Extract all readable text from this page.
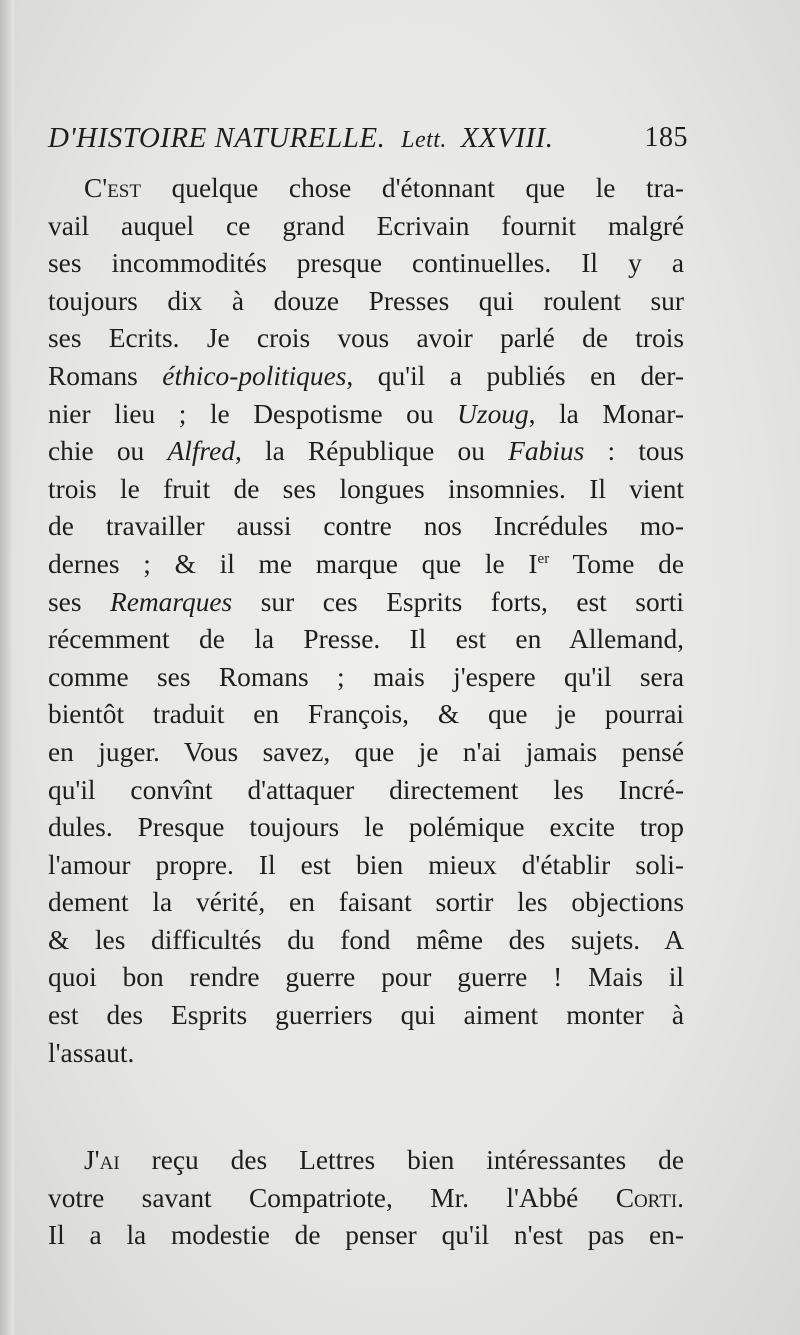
D'HISTOIRE NATURELLE. Lett. XXVIII.	185
C'est quelque chose d'étonnant que le tra-
vail auquel ce grand Ecrivain fournit malgré
ses incommodités presque continuelles. Il y a
toujours dix à douze Presses qui roulent sur
ses Ecrits. Je crois vous avoir parlé de trois
Romans éthico-politiques, qu'il a publiés en der-
nier lieu ; le Despotisme ou Uzoug, la Monar-
chie ou Alfred, la République ou Fabius : tous
trois le fruit de ses longues insomnies. Il vient
de travailler aussi contre nos Incrédules mo-
dernes ; & il me marque que le Ier Tome de
ses Remarques sur ces Esprits forts, est sorti
récemment de la Presse. Il est en Allemand,
comme ses Romans ; mais j'espere qu'il sera
bientôt traduit en François, & que je pourrai
en juger. Vous savez, que je n'ai jamais pensé
qu'il convînt d'attaquer directement les Incré-
dules. Presque toujours le polémique excite trop
l'amour propre. Il est bien mieux d'établir soli-
dement la vérité, en faisant sortir les objections
& les difficultés du fond même des sujets. A
quoi bon rendre guerre pour guerre ! Mais il
est des Esprits guerriers qui aiment monter à
l'assaut.
J'ai reçu des Lettres bien intéressantes de
votre savant Compatriote, Mr. l'Abbé Corti.
Il a la modestie de penser qu'il n'est pas en-
